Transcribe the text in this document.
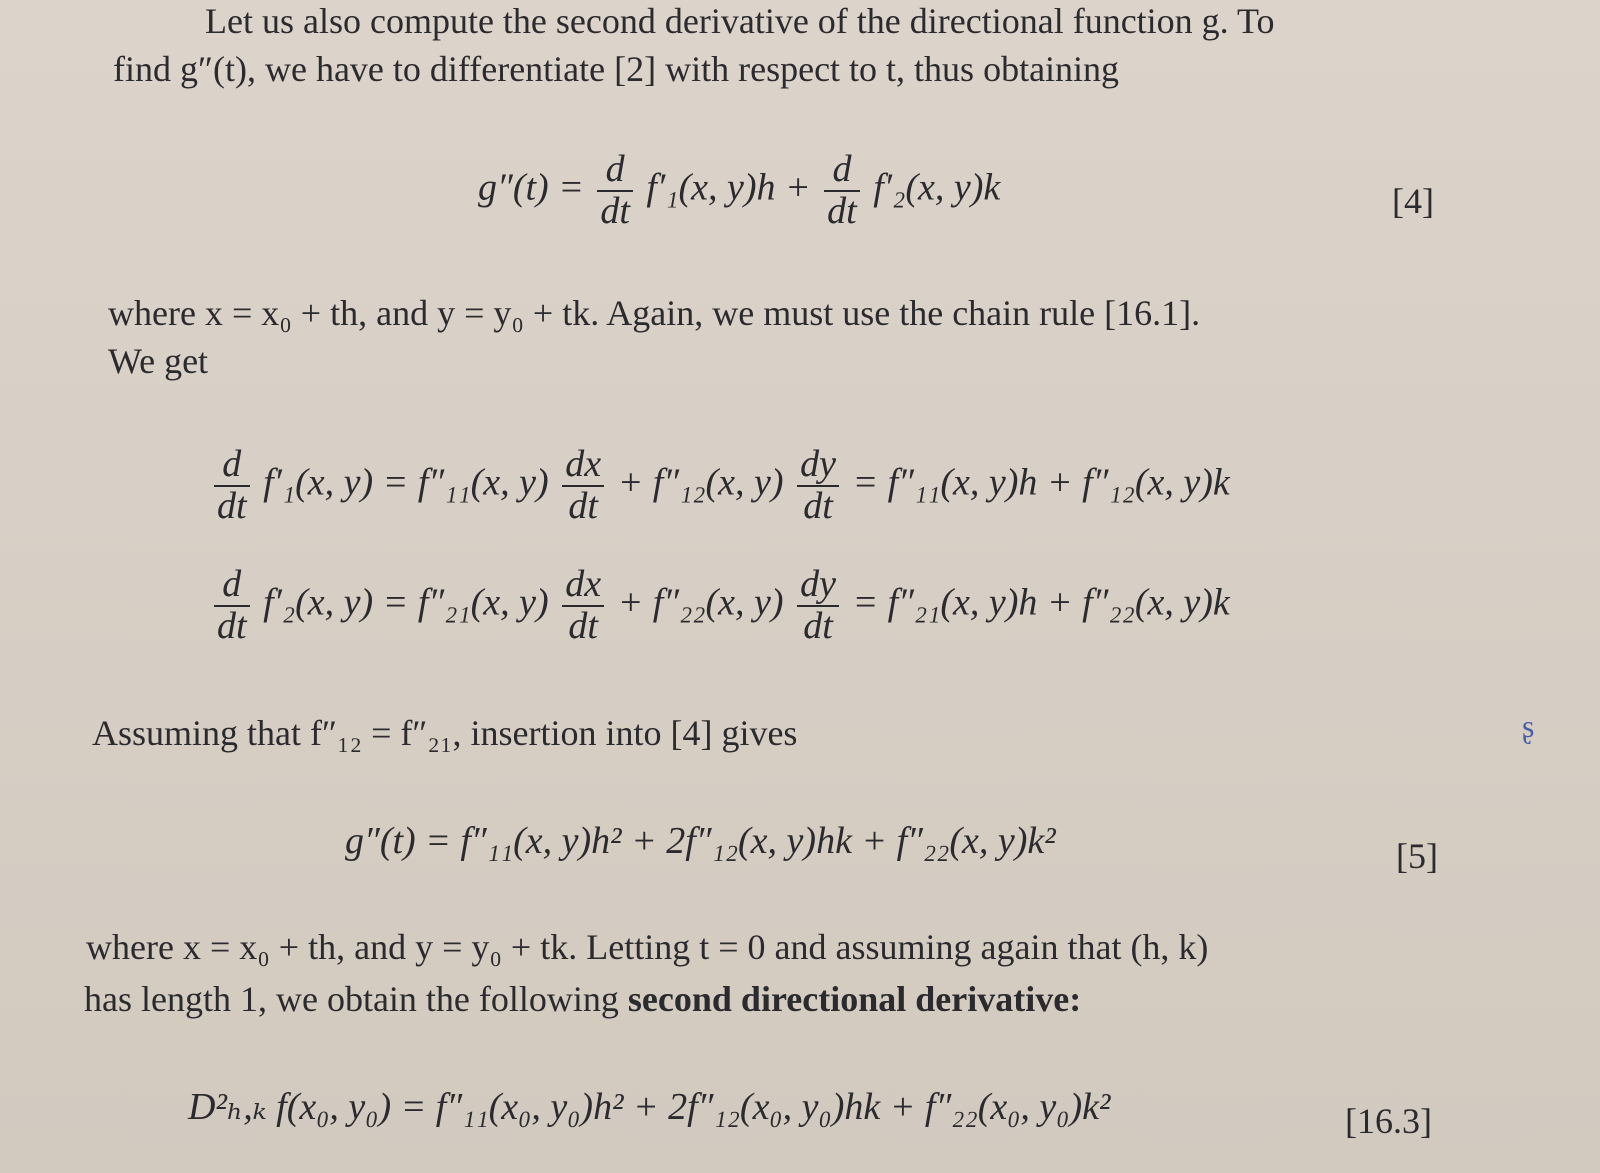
Let us also compute the second derivative of the directional function g. To
find g″(t), we have to differentiate [2] with respect to t, thus obtaining
$g''(t) = \frac{d}{dt} f'_1(x$, $y)h + \frac{d}{dt} f'_2(x$, y)k	[4]
where x = x₀ + th, and y = y₀ + tk. Again, we must use the chain rule [16.1].
We get
$\frac{d}{dt} f'_1(x$, y) = f″₁₁(x, $y) \frac{dx}{dt} + f''_{12}(x$, $y) \frac{dy}{dt} = f''_{11}(x$, y)h + f″₁₂(x, y)k
$\frac{d}{dt} f'_2(x$, y) = f″₂₁(x, $y) \frac{dx}{dt} + f''_{22}(x$, $y) \frac{dy}{dt} = f''_{21}(x$, y)h + f″₂₂(x, y)k
Assuming that f″₁₂ = f″₂₁, insertion into [4] gives
g″(t) = f″₁₁(x, y)h² + 2f″₁₂(x, y)hk + f″₂₂(x, y)k²	[5]
where x = x₀ + th, and y = y₀ + tk. Letting t = 0 and assuming again that (h, k)
has length 1, we obtain the following second directional derivative:
D²ₕ,ₖ f(x₀, y₀) = f″₁₁(x₀, y₀)h² + 2f″₁₂(x₀, y₀)hk + f″₂₂(x₀, y₀)k²	[16.3]
ʂ
